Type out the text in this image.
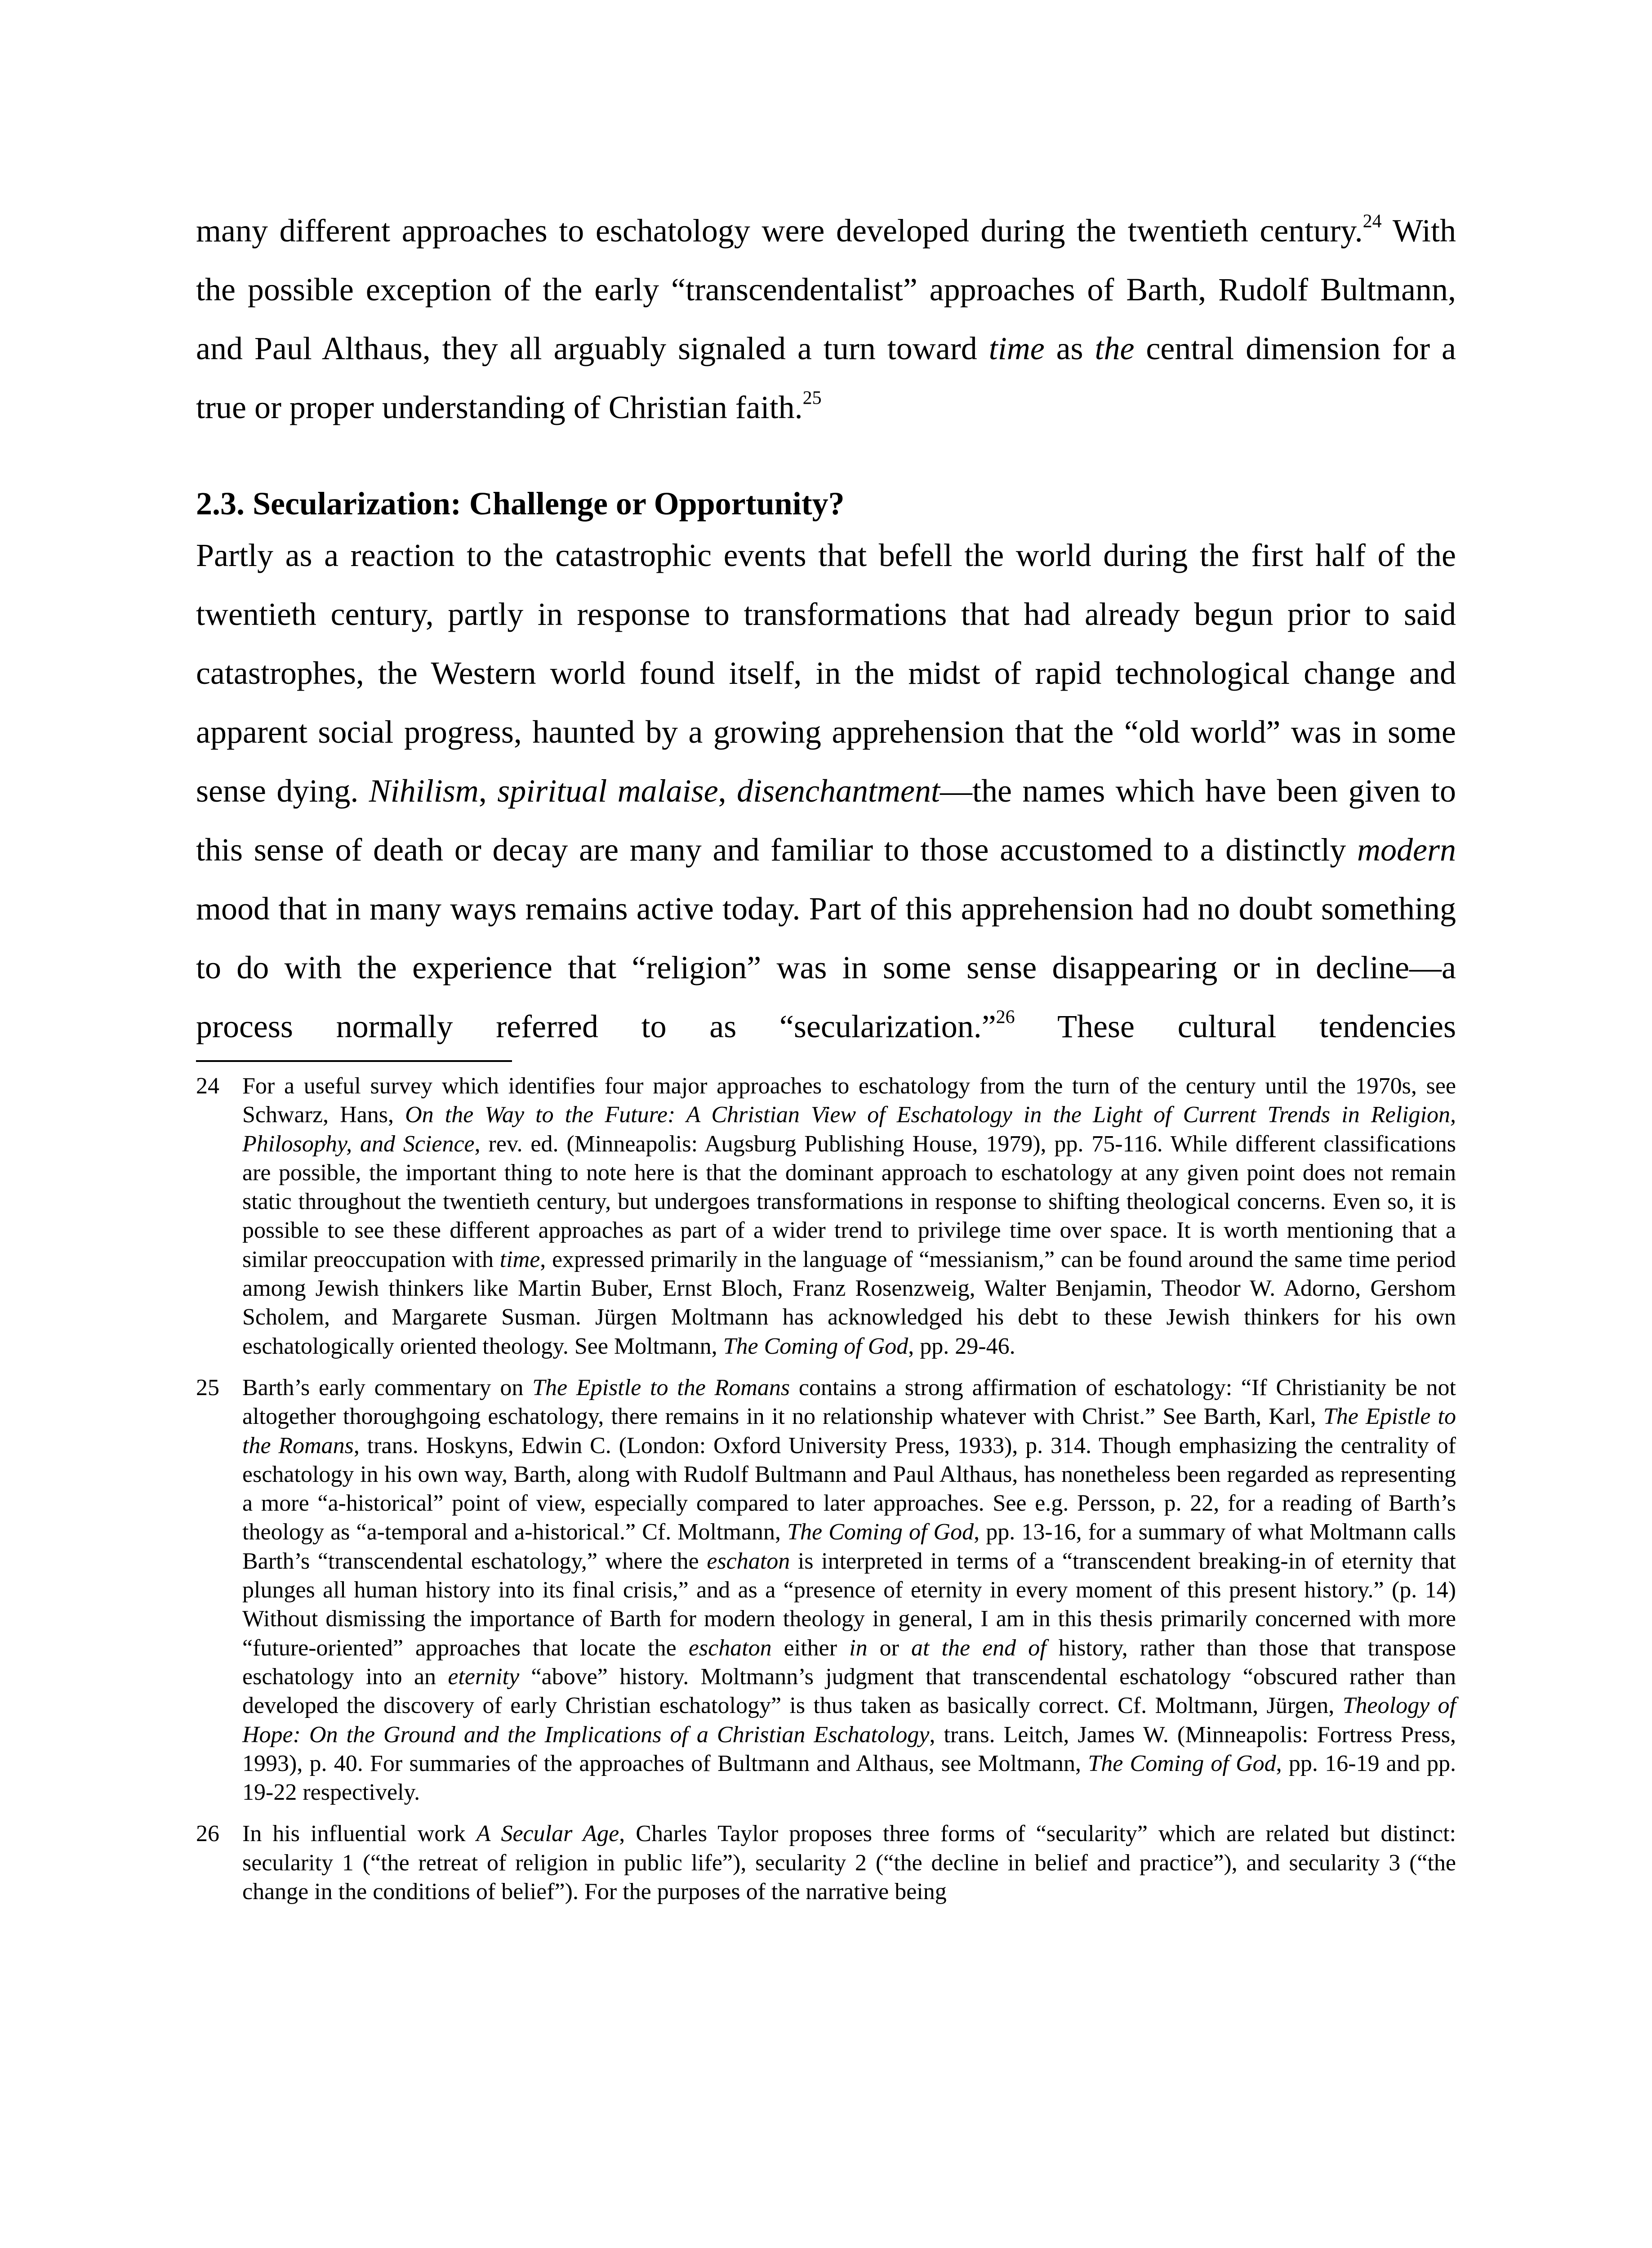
many different approaches to eschatology were developed during the twentieth century.$^{24}$ With the possible exception of the early “transcendentalist” approaches of Barth, Rudolf Bultmann, and Paul Althaus, they all arguably signaled a turn toward time as the central dimension for a true or proper understanding of Christian faith.$^{25}$

2.3. Secularization: Challenge or Opportunity?

Partly as a reaction to the catastrophic events that befell the world during the first half of the twentieth century, partly in response to transformations that had already begun prior to said catastrophes, the Western world found itself, in the midst of rapid technological change and apparent social progress, haunted by a growing apprehension that the “old world” was in some sense dying. Nihilism, spiritual malaise, disenchantment—the names which have been given to this sense of death or decay are many and familiar to those accustomed to a distinctly modern mood that in many ways remains active today. Part of this apprehension had no doubt something to do with the experience that “religion” was in some sense disappearing or in decline—a process normally referred to as “secularization.”$^{26}$ These cultural tendencies

24 For a useful survey which identifies four major approaches to eschatology from the turn of the century until the 1970s, see Schwarz, Hans, On the Way to the Future: A Christian View of Eschatology in the Light of Current Trends in Religion, Philosophy, and Science, rev. ed. (Minneapolis: Augsburg Publishing House, 1979), pp. 75-116. While different classifications are possible, the important thing to note here is that the dominant approach to eschatology at any given point does not remain static throughout the twentieth century, but undergoes transformations in response to shifting theological concerns. Even so, it is possible to see these different approaches as part of a wider trend to privilege time over space. It is worth mentioning that a similar preoccupation with time, expressed primarily in the language of “messianism,” can be found around the same time period among Jewish thinkers like Martin Buber, Ernst Bloch, Franz Rosenzweig, Walter Benjamin, Theodor W. Adorno, Gershom Scholem, and Margarete Susman. Jürgen Moltmann has acknowledged his debt to these Jewish thinkers for his own eschatologically oriented theology. See Moltmann, The Coming of God, pp. 29-46.

25 Barth’s early commentary on The Epistle to the Romans contains a strong affirmation of eschatology: “If Christianity be not altogether thoroughgoing eschatology, there remains in it no relationship whatever with Christ.” See Barth, Karl, The Epistle to the Romans, trans. Hoskyns, Edwin C. (London: Oxford University Press, 1933), p. 314. Though emphasizing the centrality of eschatology in his own way, Barth, along with Rudolf Bultmann and Paul Althaus, has nonetheless been regarded as representing a more “a-historical” point of view, especially compared to later approaches. See e.g. Persson, p. 22, for a reading of Barth’s theology as “a-temporal and a-historical.” Cf. Moltmann, The Coming of God, pp. 13-16, for a summary of what Moltmann calls Barth’s “transcendental eschatology,” where the eschaton is interpreted in terms of a “transcendent breaking-in of eternity that plunges all human history into its final crisis,” and as a “presence of eternity in every moment of this present history.” (p. 14) Without dismissing the importance of Barth for modern theology in general, I am in this thesis primarily concerned with more “future-oriented” approaches that locate the eschaton either in or at the end of history, rather than those that transpose eschatology into an eternity “above” history. Moltmann’s judgment that transcendental eschatology “obscured rather than developed the discovery of early Christian eschatology” is thus taken as basically correct. Cf. Moltmann, Jürgen, Theology of Hope: On the Ground and the Implications of a Christian Eschatology, trans. Leitch, James W. (Minneapolis: Fortress Press, 1993), p. 40. For summaries of the approaches of Bultmann and Althaus, see Moltmann, The Coming of God, pp. 16-19 and pp. 19-22 respectively.

26 In his influential work A Secular Age, Charles Taylor proposes three forms of “secularity” which are related but distinct: secularity 1 (“the retreat of religion in public life”), secularity 2 (“the decline in belief and practice”), and secularity 3 (“the change in the conditions of belief”). For the purposes of the narrative being
